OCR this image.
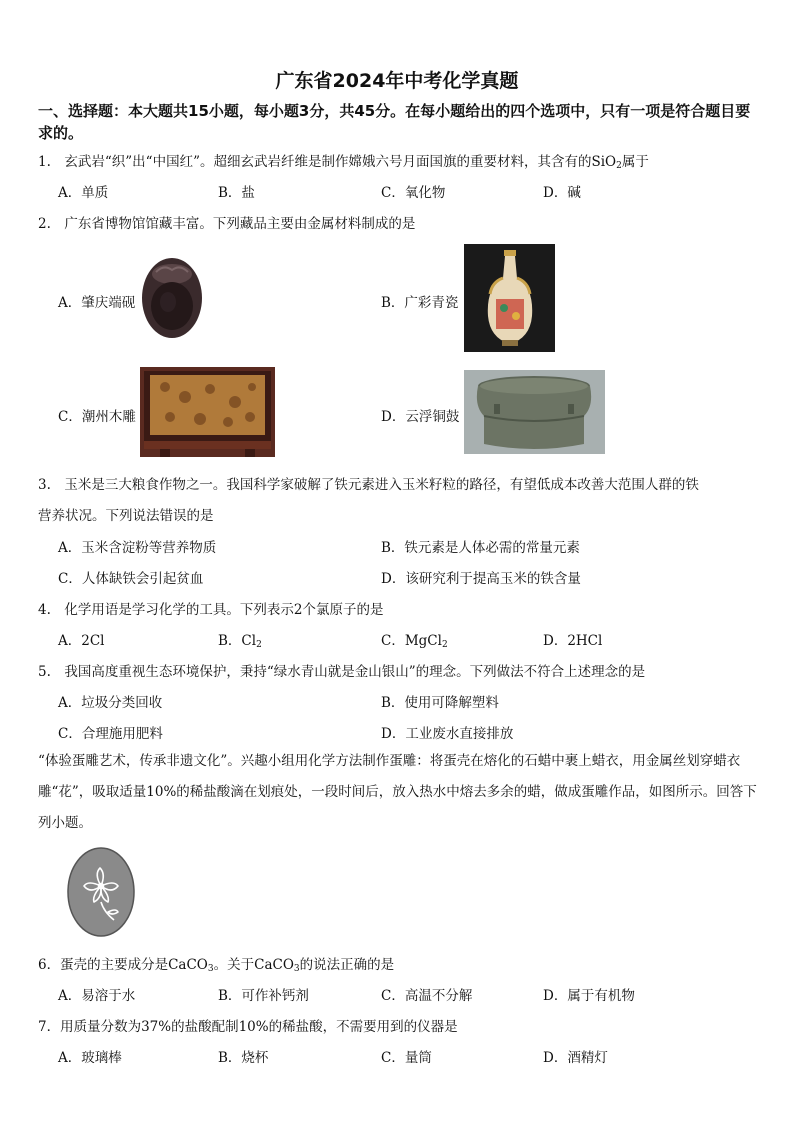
广东省2024年中考化学真题
一、选择题：本大题共15小题，每小题3分，共45分。在每小题给出的四个选项中，只有一项是符合题目要求的。
1.　玄武岩“织”出“中国红”。超细玄武岩纤维是制作嫦娥六号月面国旗的重要材料，其含有的SiO$_2$属于
A．单质	B．盐	C．氧化物	D．碱
2.　广东省博物馆馆藏丰富。下列藏品主要由金属材料制成的是
A．肇庆端砚	B．广彩青瓷
C．潮州木雕	D．云浮铜鼓
3.　玉米是三大粮食作物之一。我国科学家破解了铁元素进入玉米籽粒的路径，有望低成本改善大范围人群的铁
营养状况。下列说法错误的是
A．玉米含淀粉等营养物质	B．铁元素是人体必需的常量元素
C．人体缺铁会引起贫血	D．该研究利于提高玉米的铁含量
4.　化学用语是学习化学的工具。下列表示2个氯原子的是
A．2Cl	B．$Cl_2$	C．MgCl$_2$	D．2HCl
5.　我国高度重视生态环境保护，秉持“绿水青山就是金山银山”的理念。下列做法不符合上述理念的是
A．垃圾分类回收	B．使用可降解塑料
C．合理施用肥料	D．工业废水直接排放
“体验蛋雕艺术，传承非遗文化”。兴趣小组用化学方法制作蛋雕：将蛋壳在熔化的石蜡中裹上蜡衣，用金属丝划穿蜡衣雕“花”，吸取适量10%的稀盐酸滴在划痕处，一段时间后，放入热水中熔去多余的蜡，做成蛋雕作品，如图所示。回答下列小题。
6．蛋壳的主要成分是CaCO$_3$。关于CaCO$_3$的说法正确的是
A．易溶于水	B．可作补钙剂	C．高温不分解	D．属于有机物
7．用质量分数为37%的盐酸配制10%的稀盐酸，不需要用到的仪器是
A．玻璃棒	B．烧杯	C．量筒	D．酒精灯
